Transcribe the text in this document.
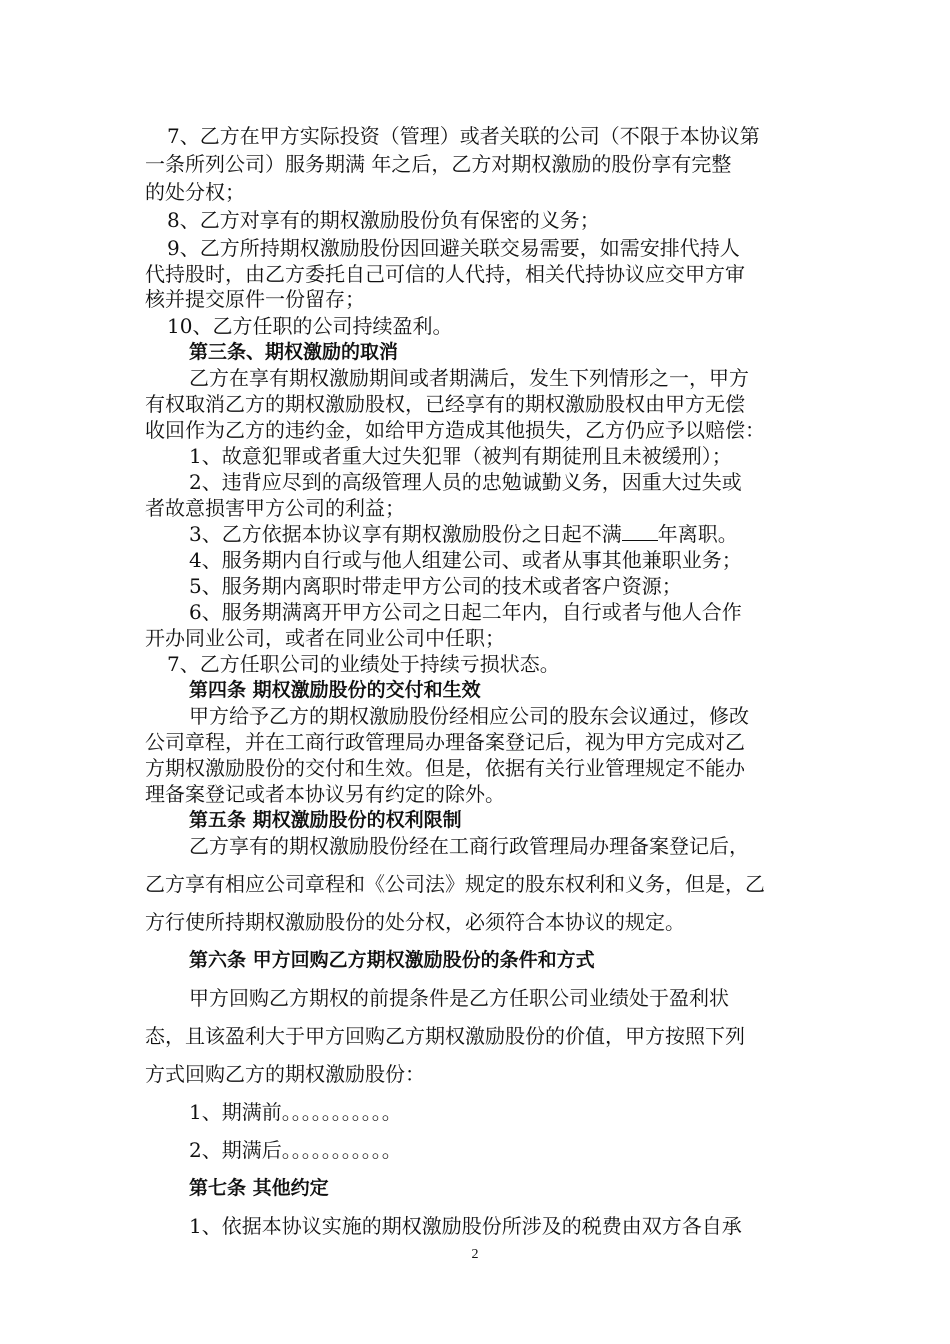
7、乙方在甲方实际投资（管理）或者关联的公司（不限于本协议第
一条所列公司）服务期满 年之后，乙方对期权激励的股份享有完整
的处分权；
8、乙方对享有的期权激励股份负有保密的义务；
9、乙方所持期权激励股份因回避关联交易需要，如需安排代持人
代持股时，由乙方委托自己可信的人代持，相关代持协议应交甲方审
核并提交原件一份留存；
10、乙方任职的公司持续盈利。
第三条、期权激励的取消
乙方在享有期权激励期间或者期满后，发生下列情形之一，甲方
有权取消乙方的期权激励股权，已经享有的期权激励股权由甲方无偿
收回作为乙方的违约金，如给甲方造成其他损失，乙方仍应予以赔偿：
1、故意犯罪或者重大过失犯罪（被判有期徒刑且未被缓刑）；
2、违背应尽到的高级管理人员的忠勉诚勤义务，因重大过失或
者故意损害甲方公司的利益；
3、乙方依据本协议享有期权激励股份之日起不满 年离职。
4、服务期内自行或与他人组建公司、或者从事其他兼职业务；
5、服务期内离职时带走甲方公司的技术或者客户资源；
6、服务期满离开甲方公司之日起二年内，自行或者与他人合作
开办同业公司，或者在同业公司中任职；
7、乙方任职公司的业绩处于持续亏损状态。
第四条 期权激励股份的交付和生效
甲方给予乙方的期权激励股份经相应公司的股东会议通过，修改
公司章程，并在工商行政管理局办理备案登记后，视为甲方完成对乙
方期权激励股份的交付和生效。但是，依据有关行业管理规定不能办
理备案登记或者本协议另有约定的除外。
第五条 期权激励股份的权利限制
乙方享有的期权激励股份经在工商行政管理局办理备案登记后，
乙方享有相应公司章程和《公司法》规定的股东权利和义务，但是，乙
方行使所持期权激励股份的处分权，必须符合本协议的规定。
第六条 甲方回购乙方期权激励股份的条件和方式
甲方回购乙方期权的前提条件是乙方任职公司业绩处于盈利状
态，且该盈利大于甲方回购乙方期权激励股份的价值，甲方按照下列
方式回购乙方的期权激励股份：
1、期满前。。。。。。。。。。。
2、期满后。。。。。。。。。。。
第七条 其他约定
1、依据本协议实施的期权激励股份所涉及的税费由双方各自承
2
